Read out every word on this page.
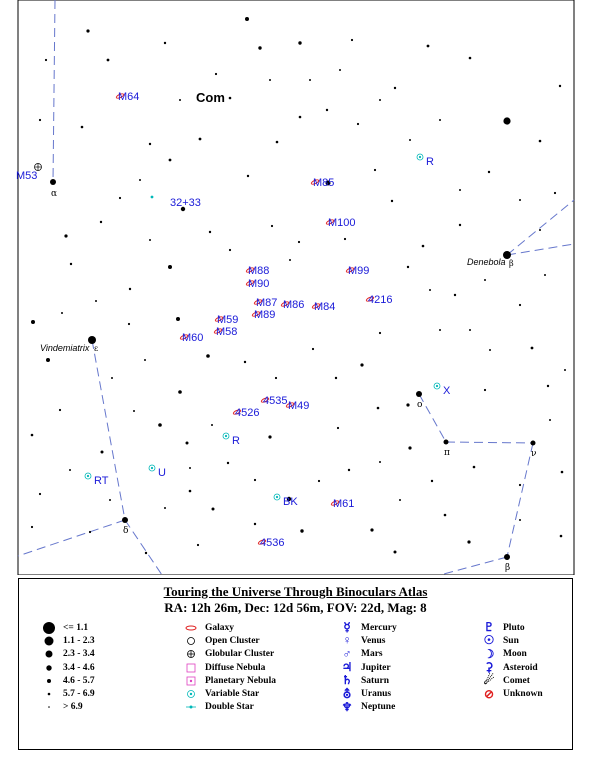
M64
M53
M85
R
32+33
M100
M99
M88
M90
4216
M87 M86 M84
M89
M59
M58
M60
X
4535 M49
4526
R
U
RT
BK	M61
4536
α
δ
ο
π	ν
β
β
ε
Com
Denebola
Vindemiatrix
Touring the Universe Through Binoculars Atlas
RA: 12h 26m, Dec: 12d 56m, FOV: 22d, Mag: 8
<= 1.1
1.1 - 2.3
2.3 - 3.4
3.4 - 4.6
4.6 - 5.7
5.7 - 6.9
> 6.9
Galaxy
Open Cluster
Globular Cluster
Diffuse Nebula
Planetary Nebula
Variable Star
Double Star
☿	Mercury
♀	Venus
♂	Mars
♃ Jupiter
♄ Saturn
⛢	Uranus
♆ Neptune
♇ Pluto
☉ Sun
☽ Moon
⚳	Asteroid
☄ Comet
⊘ Unknown
